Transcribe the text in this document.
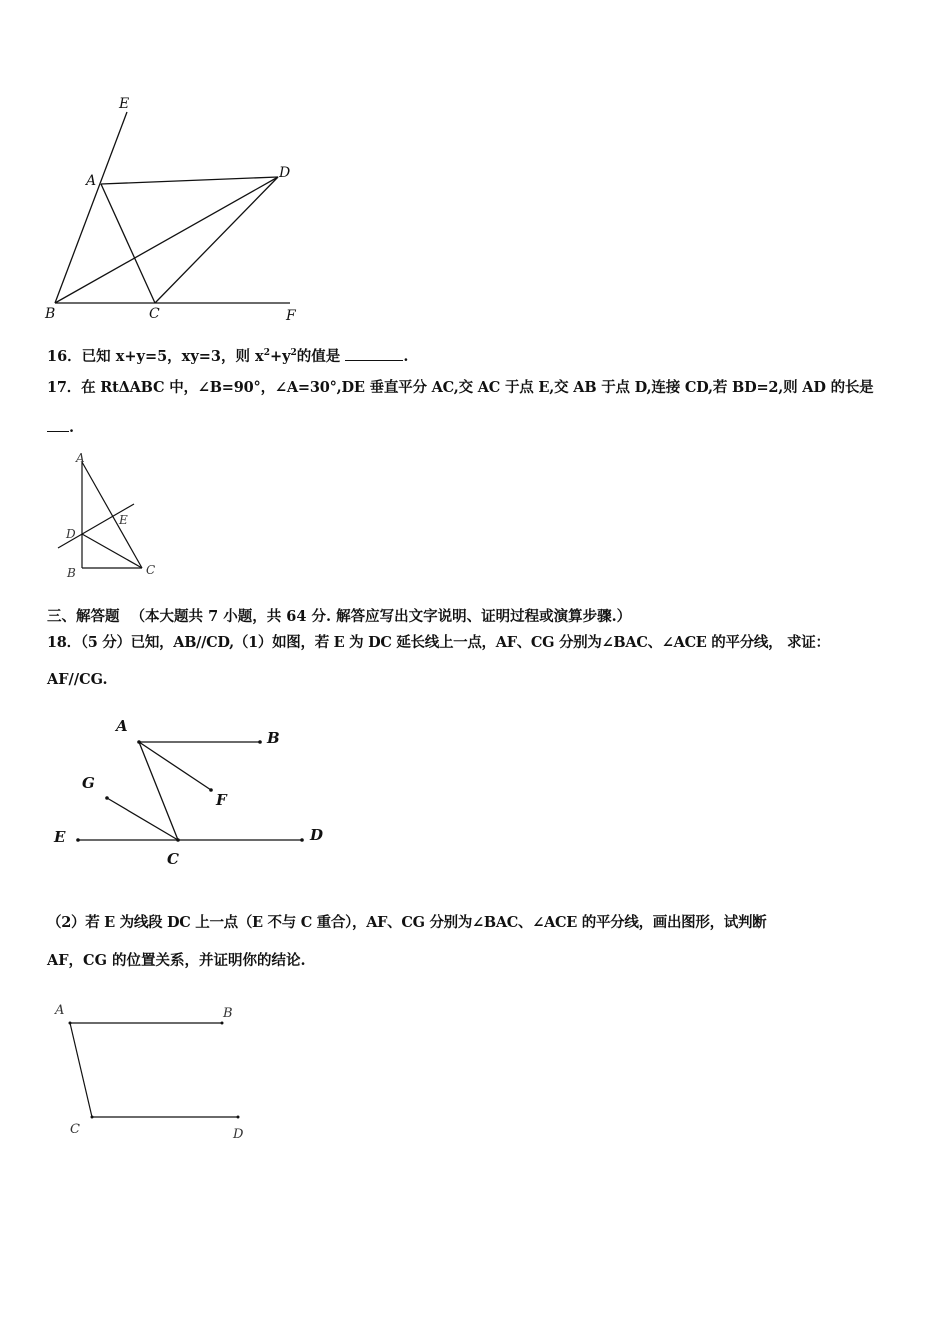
E
A	D
B	C	F
16．已知 x+y=5，xy=3，则 $x^2+y^2$的值是	.
17．在 RtΔABC 中，∠B=90°，∠A=30°,DE 垂直平分 AC,交 AC 于点 E,交 AB 于点 D,连接 CD,若 BD=2,则 AD 的长是
.
A
D
E
B	C
三、解答题 （本大题共 7 小题，共 64 分. 解答应写出文字说明、证明过程或演算步骤.）
18．（5 分）已知，AB//CD,（1）如图，若 E 为 DC 延长线上一点，AF、CG 分别为∠BAC、∠ACE 的平分线， 求证：
AF//CG.
A
B
G
F
E	D
C
（2）若 E 为线段 DC 上一点（E 不与 C 重合），AF、CG 分别为∠BAC、∠ACE 的平分线，画出图形，试判断
AF，CG 的位置关系，并证明你的结论.
A	B
C	D
